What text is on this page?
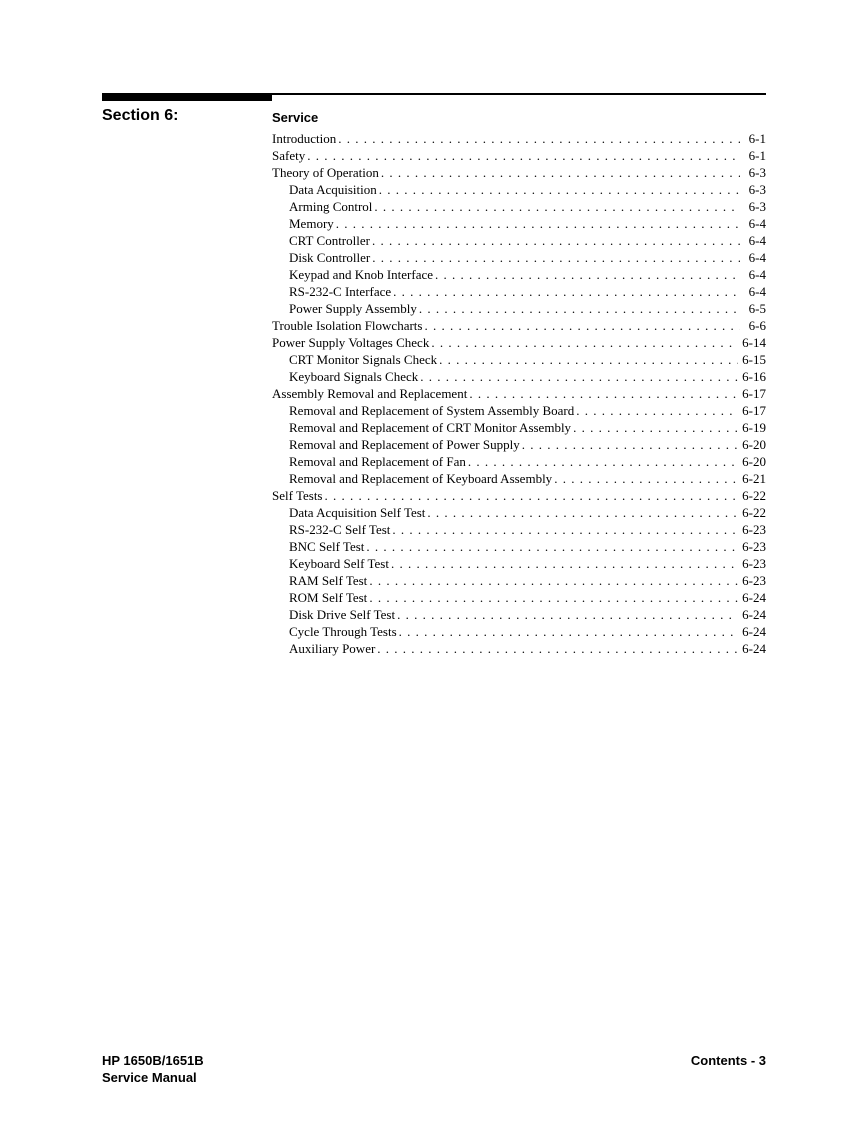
Section 6:	Service
Introduction . . .	6-1
Safety . . .	6-1
Theory of Operation . . .	6-3
Data Acquisition . . .	6-3
Arming Control . . .	6-3
Memory . . .	6-4
CRT Controller . . .	6-4
Disk Controller . . .	6-4
Keypad and Knob Interface . . .	6-4
RS-232-C Interface . . .	6-4
Power Supply Assembly . . .	6-5
Trouble Isolation Flowcharts . . .	6-6
Power Supply Voltages Check . . .	6-14
CRT Monitor Signals Check . . .	6-15
Keyboard Signals Check . . .	6-16
Assembly Removal and Replacement . . .	6-17
Removal and Replacement of System Assembly Board . . .	6-17
Removal and Replacement of CRT Monitor Assembly . . .	6-19
Removal and Replacement of Power Supply . . .	6-20
Removal and Replacement of Fan . . .	6-20
Removal and Replacement of Keyboard Assembly . . .	6-21
Self Tests . . .	6-22
Data Acquisition Self Test . . .	6-22
RS-232-C Self Test . . .	6-23
BNC Self Test . . .	6-23
Keyboard Self Test . . .	6-23
RAM Self Test . . .	6-23
ROM Self Test . . .	6-24
Disk Drive Self Test . . .	6-24
Cycle Through Tests . . .	6-24
Auxiliary Power . . .	6-24
HP 1650B/1651B
Service Manual
Contents - 3
